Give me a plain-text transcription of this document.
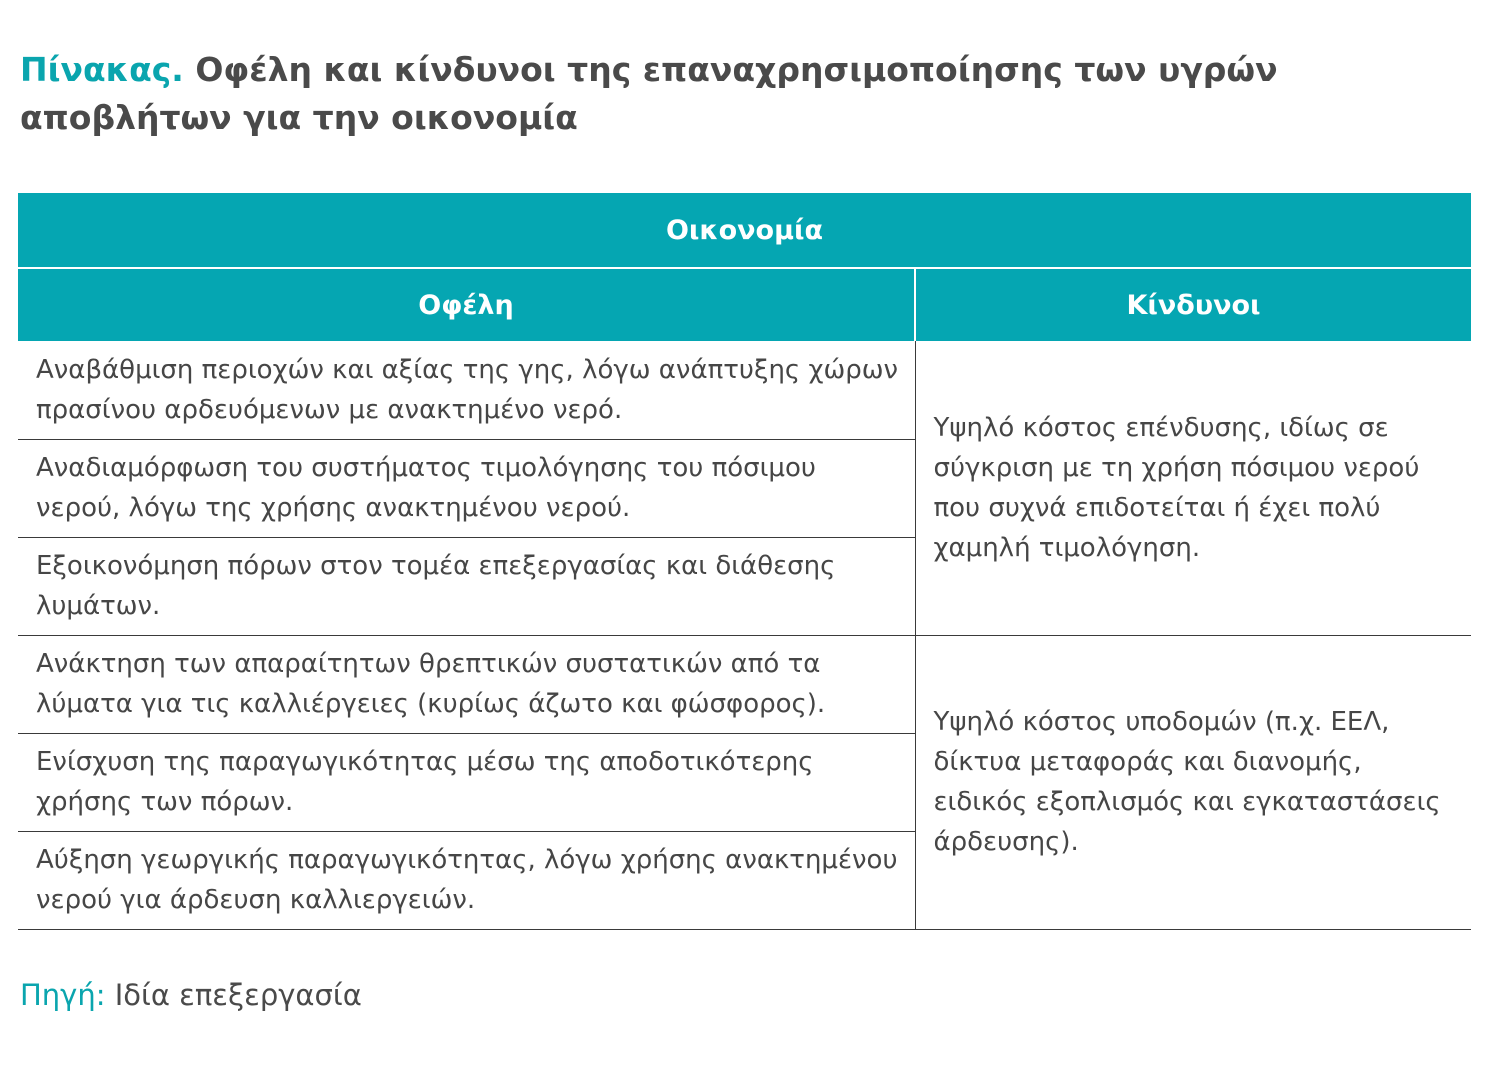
Πίνακας. Οφέλη και κίνδυνοι της επαναχρησιμοποίησης των υγρών αποβλήτων για την οικονομία
Οικονομία	
Οφέλη	Κίνδυνοι
Αναβάθμιση περιοχών και αξίας της γης, λόγω ανάπτυξης χώρων πρασίνου αρδευόμενων με ανακτημένο νερό.	Υψηλό κόστος επένδυσης, ιδίως σε σύγκριση με τη χρήση πόσιμου νερού που συχνά επιδοτείται ή έχει πολύ χαμηλή τιμολόγηση.
Αναδιαμόρφωση του συστήματος τιμολόγησης του πόσιμου νερού, λόγω της χρήσης ανακτημένου νερού.	
Εξοικονόμηση πόρων στον τομέα επεξεργασίας και διάθεσης λυμάτων.	
Ανάκτηση των απαραίτητων θρεπτικών συστατικών από τα λύματα για τις καλλιέργειες (κυρίως άζωτο και φώσφορος).	Υψηλό κόστος υποδομών (π.χ. ΕΕΛ, δίκτυα μεταφοράς και διανομής, ειδικός εξοπλισμός και εγκαταστάσεις άρδευσης).
Ενίσχυση της παραγωγικότητας μέσω της αποδοτικότερης χρήσης των πόρων.	
Αύξηση γεωργικής παραγωγικότητας, λόγω χρήσης ανακτημένου νερού για άρδευση καλλιεργειών.	
Πηγή: Ιδία επεξεργασία
